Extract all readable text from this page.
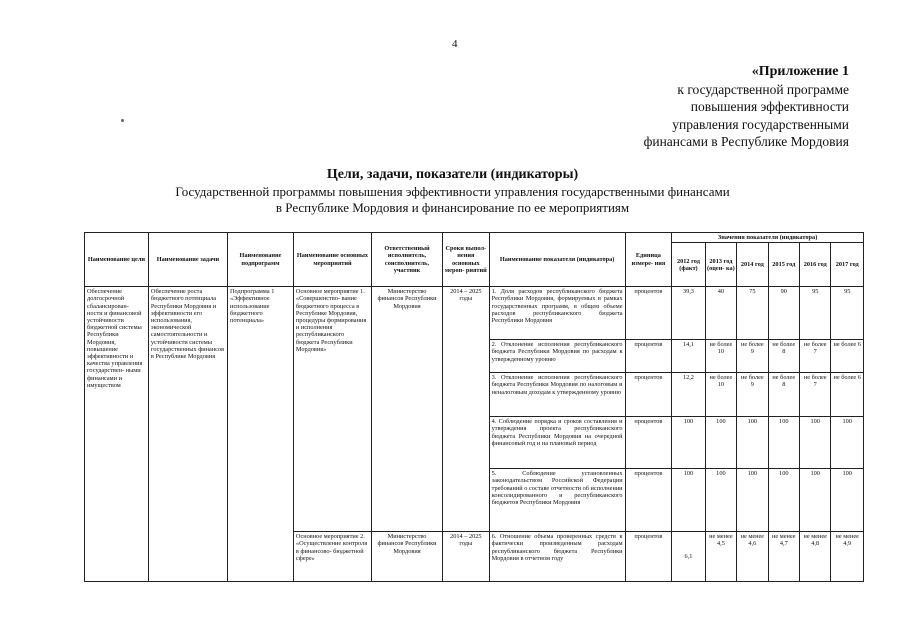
4
«Приложение 1
к государственной программе
повышения эффективности
управления государственными
финансами в Республике Мордовия
Цели, задачи, показатели (индикаторы)
Государственной программы повышения эффективности управления государственными финансами
в Республике Мордовия и финансирование по ее мероприятиям
Наименование цели	Наименование задачи	Наименование подпрограмм	Наименование основных мероприятий	Ответственный исполнитель, соисполнитель, участник	Сроки выпол- нения основных мероп- риятий	Наименование показателя (индикатора)	Единица измере- ния	Значения показателя (индикатора)					
								2012 год (факт)	2013 год (оцен- ка)	2014 год	2015 год	2016 год	2017 год
Обеспечение долгосрочной сбалансирован- ности и финансовой устойчивости бюджетной системы Республики Мордовия, повышение эффективности и качества управления государствен- ными финансами и имуществом	Обеспечение роста бюджетного потенциала Республики Мордовия и эффективности его использования, экономической самостоятельности и устойчивости системы государственных финансов в Республике Мордовия	Подпрограмма 1 «Эффективное использование бюджетного потенциала»	Основное мероприятие 1. «Совершенство- вание бюджетного процесса в Республике Мордовия, процедуры формирования и исполнения республиканского бюджета Республики Мордовия»	Министерство финансов Республики Мордовия	2014 – 2025 годы	1. Доля расходов республиканского бюджета Республики Мордовия, формируемых в рамках государственных программ, в общем объеме расходов республиканского бюджета Республики Мордовия	процентов	39,3	40	75	90	95	95
						2. Отклонение исполнения республиканского бюджета Республики Мордовия по расходам к утвержденному уровню	процентов	14,1	не более 10	не более 9	не более 8	не более 7	не более 6
						3. Отклонение исполнения республиканского бюджета Республики Мордовия по налоговым и неналоговым доходам к утвержденному уровню	процентов	12,2	не более 10	не более 9	не более 8	не более 7	не более 6
						4. Соблюдение порядка и сроков составления и утверждения проекта республиканского бюджета Республики Мордовия на очередной финансовый год и на плановый период	процентов	100	100	100	100	100	100
						5. Соблюдение установленных законодательством Российской Федерации требований о составе отчетности об исполнении консолидированного и республиканского бюджетов Республики Мордовия	процентов	100	100	100	100	100	100
			Основное мероприятие 2. «Осуществление контроля в финансово- бюджетной сфере»	Министерство финансов Республики Мордовия	2014 – 2025 годы	6. Отношение объема проверенных средств к фактически произведенным расходам республиканского бюджета Республики Мордовия в отчетном году	процентов	6,1	не менее 4,5	не менее 4,6	не менее 4,7	не менее 4,8	не менее 4,9
